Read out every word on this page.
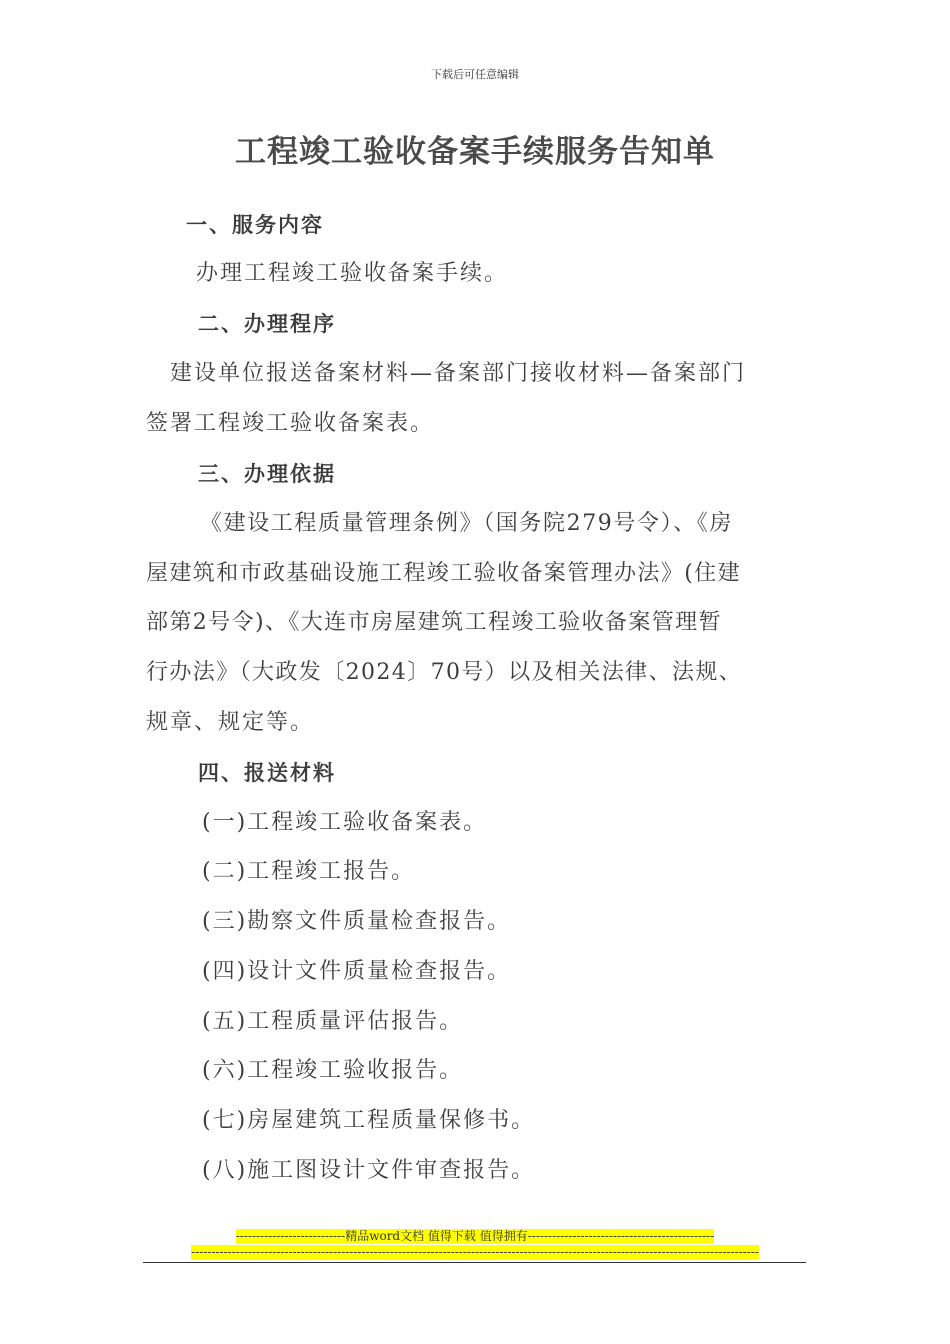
下载后可任意编辑
工程竣工验收备案手续服务告知单
一、服务内容
办理工程竣工验收备案手续。
二、办理程序
建设单位报送备案材料—备案部门接收材料—备案部门
签署工程竣工验收备案表。
三、办理依据
《建设工程质量管理条例》（国务院279号令）、《房
屋建筑和市政基础设施工程竣工验收备案管理办法》(住建
部第2号令)、《大连市房屋建筑工程竣工验收备案管理暂
行办法》（大政发〔2024〕70号）以及相关法律、法规、
规章、规定等。
四、报送材料
(一)工程竣工验收备案表。
(二)工程竣工报告。
(三)勘察文件质量检查报告。
(四)设计文件质量检查报告。
(五)工程质量评估报告。
(六)工程竣工验收报告。
(七)房屋建筑工程质量保修书。
(八)施工图设计文件审查报告。
---------------------------精品word文档 值得下载 值得拥有----------------------------------------------
--------------------------------------------------------------------------------------------------------------------------------------------
